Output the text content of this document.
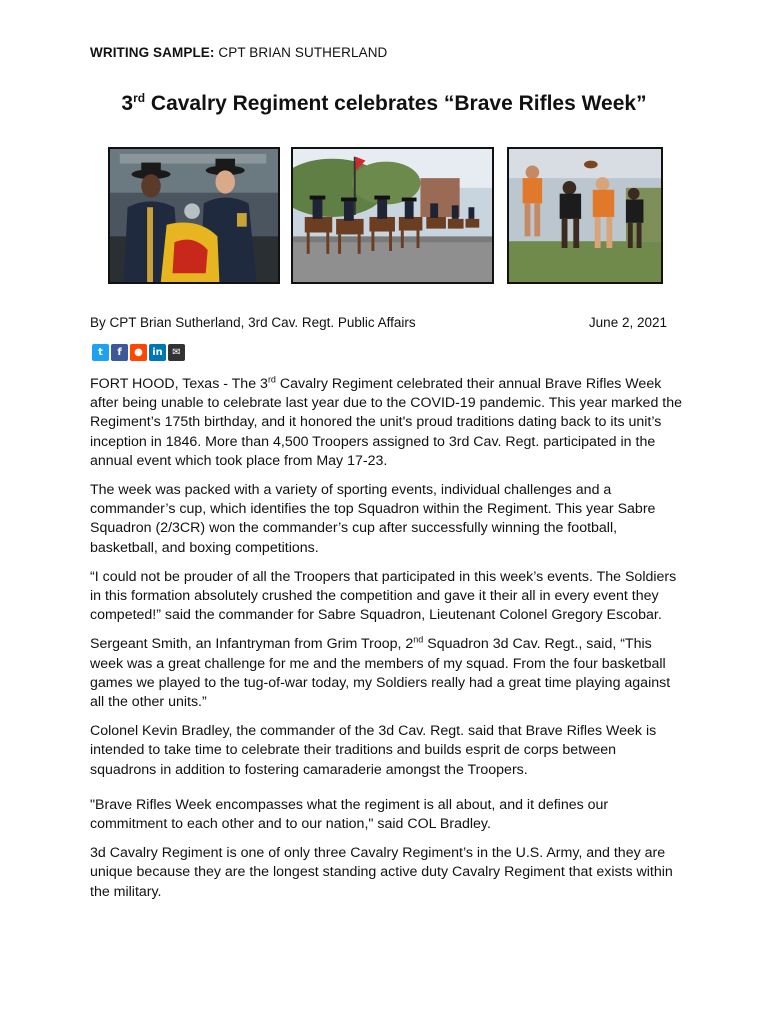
WRITING SAMPLE: CPT BRIAN SUTHERLAND
3rd Cavalry Regiment celebrates “Brave Rifles Week”
By CPT Brian Sutherland, 3rd Cav. Regt. Public Affairs	June 2, 2021
t	f	● in ✉

FORT HOOD, Texas - The 3rd Cavalry Regiment celebrated their annual Brave Rifles Week after being unable to celebrate last year due to the COVID-19 pandemic. This year marked the Regiment’s 175th birthday, and it honored the unit's proud traditions dating back to its unit’s inception in 1846. More than 4,500 Troopers assigned to 3rd Cav. Regt. participated in the annual event which took place from May 17-23.

The week was packed with a variety of sporting events, individual challenges and a commander’s cup, which identifies the top Squadron within the Regiment. This year Sabre Squadron (2/3CR) won the commander’s cup after successfully winning the football, basketball, and boxing competitions.

“I could not be prouder of all the Troopers that participated in this week’s events. The Soldiers in this formation absolutely crushed the competition and gave it their all in every event they competed!” said the commander for Sabre Squadron, Lieutenant Colonel Gregory Escobar.

Sergeant Smith, an Infantryman from Grim Troop, 2nd Squadron 3d Cav. Regt., said, “This week was a great challenge for me and the members of my squad. From the four basketball games we played to the tug-of-war today, my Soldiers really had a great time playing against all the other units.”

Colonel Kevin Bradley, the commander of the 3d Cav. Regt. said that Brave Rifles Week is intended to take time to celebrate their traditions and builds esprit de corps between squadrons in addition to fostering camaraderie amongst the Troopers.

"Brave Rifles Week encompasses what the regiment is all about, and it defines our commitment to each other and to our nation," said COL Bradley.

3d Cavalry Regiment is one of only three Cavalry Regiment’s in the U.S. Army, and they are unique because they are the longest standing active duty Cavalry Regiment that exists within the military.
